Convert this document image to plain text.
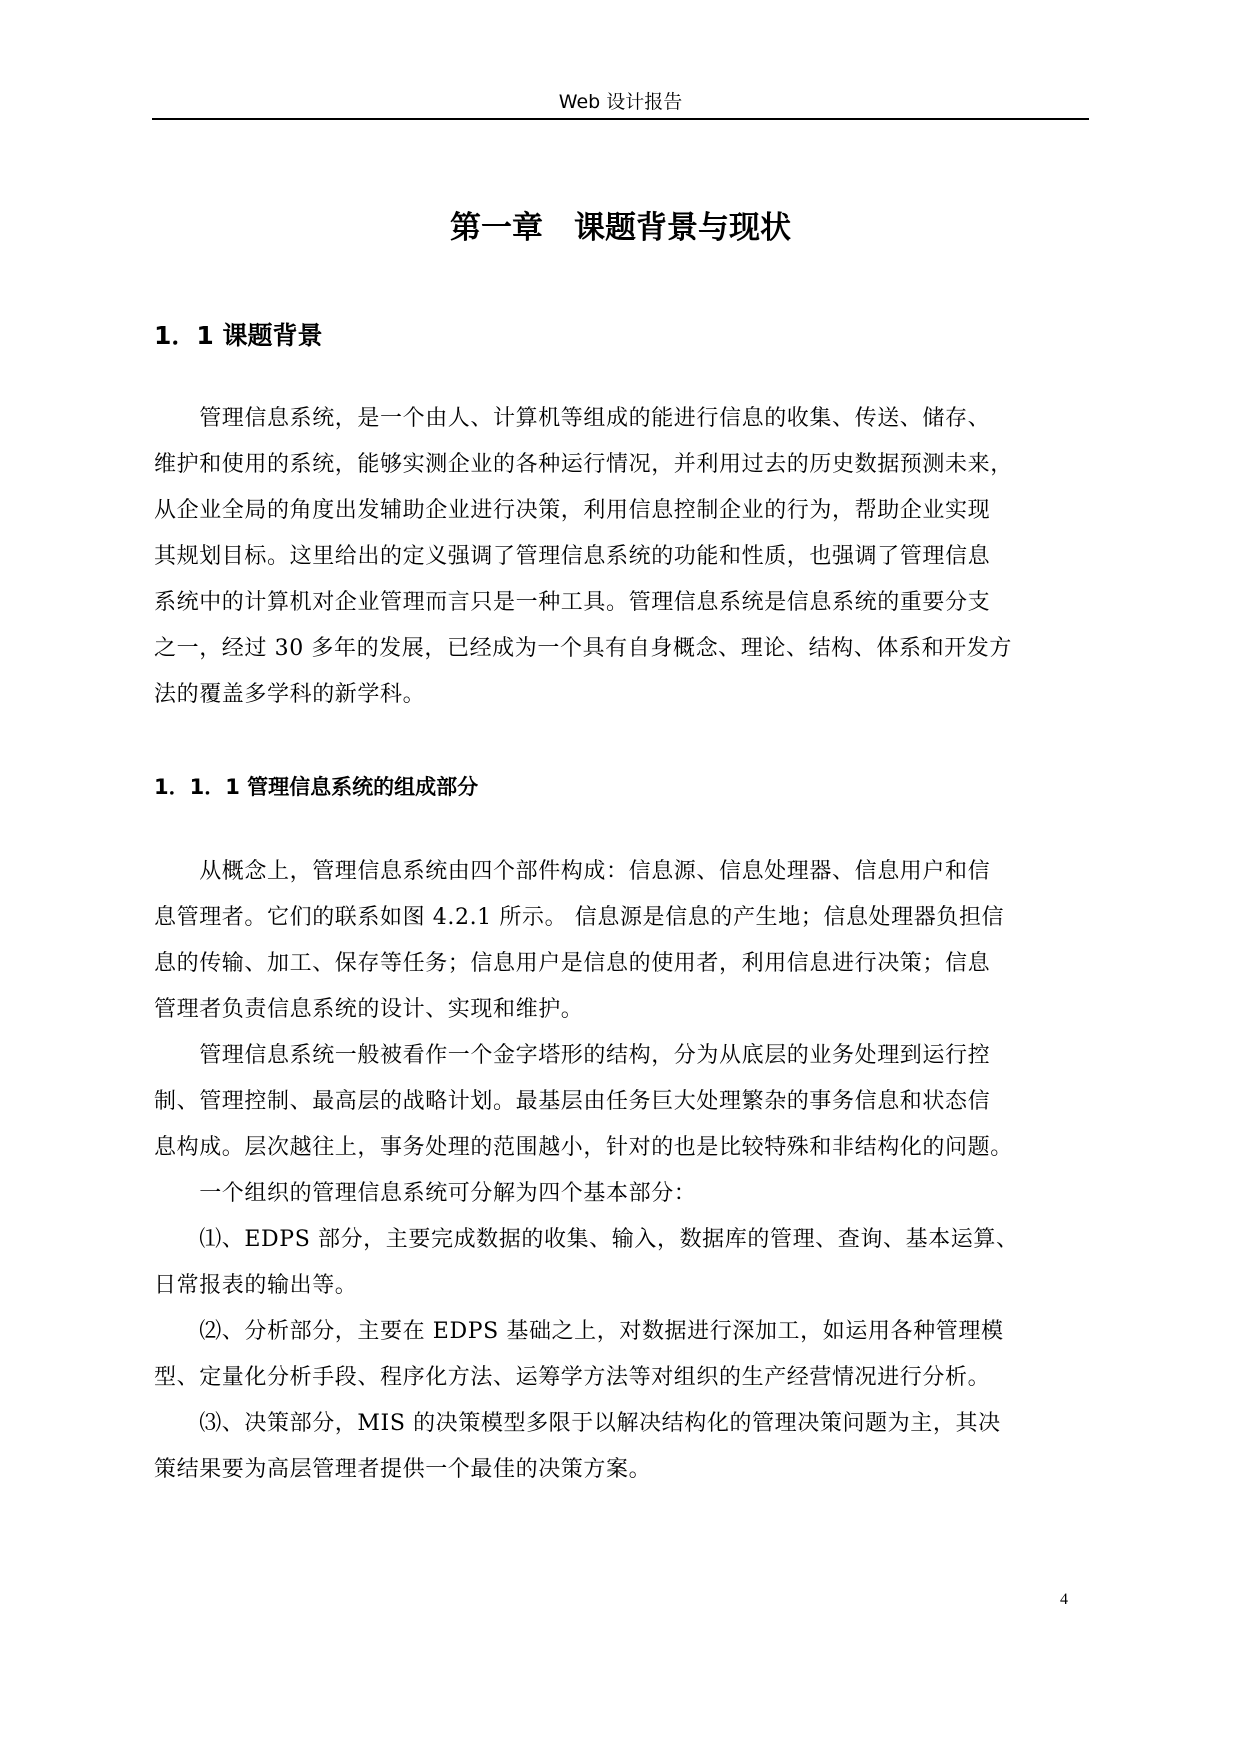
Web 设计报告
第一章　课题背景与现状
1．1 课题背景
　　管理信息系统，是一个由人、计算机等组成的能进行信息的收集、传送、储存、
维护和使用的系统，能够实测企业的各种运行情况，并利用过去的历史数据预测未来，
从企业全局的角度出发辅助企业进行决策，利用信息控制企业的行为，帮助企业实现
其规划目标。这里给出的定义强调了管理信息系统的功能和性质，也强调了管理信息
系统中的计算机对企业管理而言只是一种工具。管理信息系统是信息系统的重要分支
之一，经过 30 多年的发展，已经成为一个具有自身概念、理论、结构、体系和开发方
法的覆盖多学科的新学科。
1．1．1 管理信息系统的组成部分
　　从概念上，管理信息系统由四个部件构成：信息源、信息处理器、信息用户和信
息管理者。它们的联系如图 4.2.1 所示。 信息源是信息的产生地；信息处理器负担信
息的传输、加工、保存等任务；信息用户是信息的使用者，利用信息进行决策；信息
管理者负责信息系统的设计、实现和维护。
　　管理信息系统一般被看作一个金字塔形的结构，分为从底层的业务处理到运行控
制、管理控制、最高层的战略计划。最基层由任务巨大处理繁杂的事务信息和状态信
息构成。层次越往上，事务处理的范围越小，针对的也是比较特殊和非结构化的问题。
　　一个组织的管理信息系统可分解为四个基本部分：
　　⑴、EDPS 部分，主要完成数据的收集、输入，数据库的管理、查询、基本运算、
日常报表的输出等。
　　⑵、分析部分，主要在 EDPS 基础之上，对数据进行深加工，如运用各种管理模
型、定量化分析手段、程序化方法、运筹学方法等对组织的生产经营情况进行分析。
　　⑶、决策部分，MIS 的决策模型多限于以解决结构化的管理决策问题为主，其决
策结果要为高层管理者提供一个最佳的决策方案。
4
